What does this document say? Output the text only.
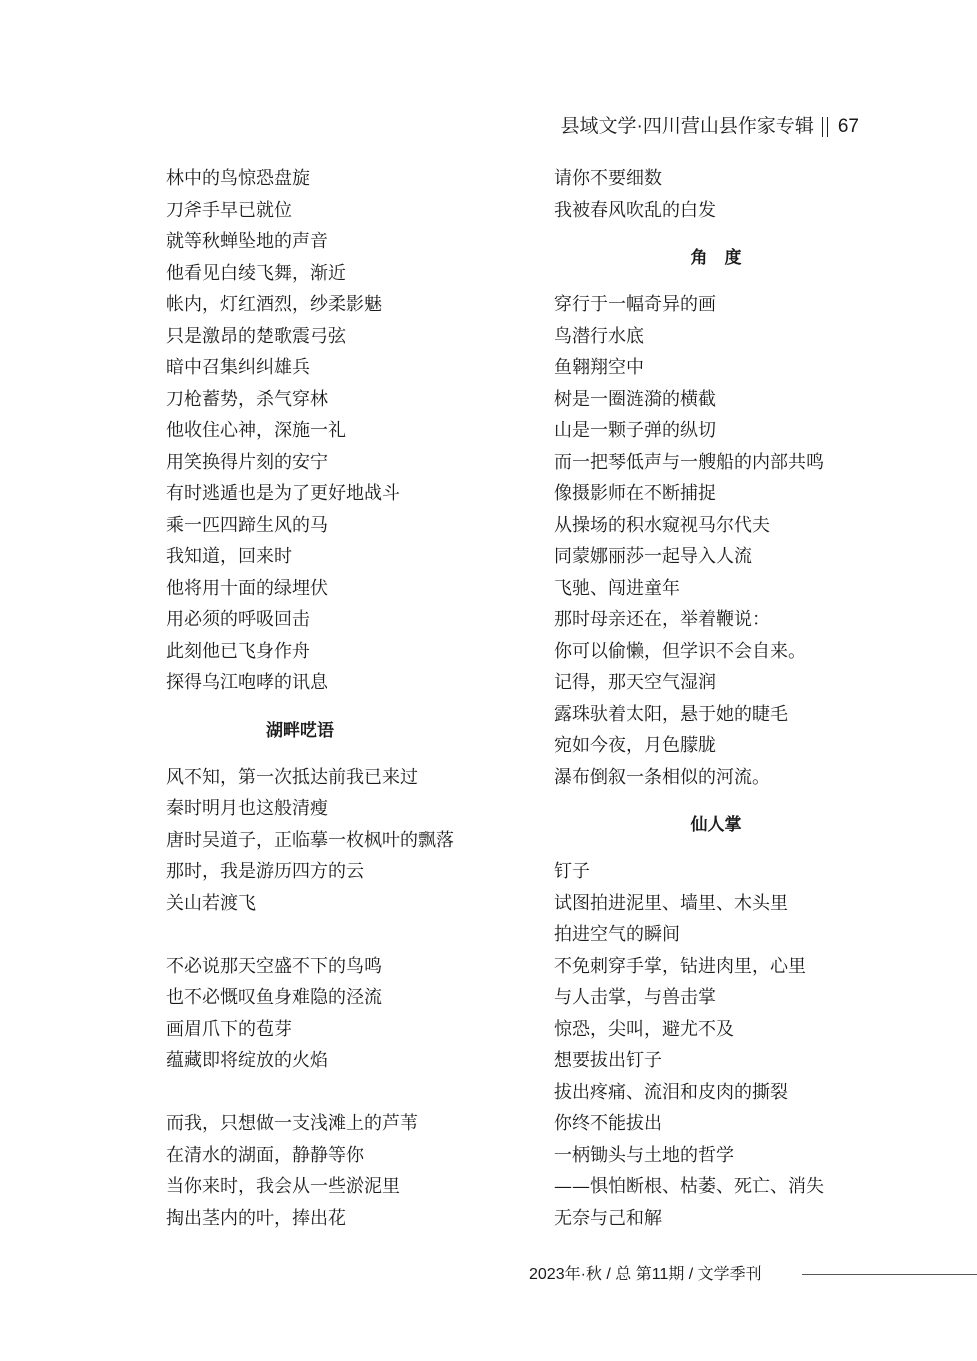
县域文学·四川营山县作家专辑 67
林中的鸟惊恐盘旋
刀斧手早已就位
就等秋蝉坠地的声音
他看见白绫飞舞，渐近
帐内，灯红酒烈，纱柔影魅
只是激昂的楚歌震弓弦
暗中召集纠纠雄兵
刀枪蓄势，杀气穿林
他收住心神，深施一礼
用笑换得片刻的安宁
有时逃遁也是为了更好地战斗
乘一匹四蹄生风的马
我知道，回来时
他将用十面的绿埋伏
用必须的呼吸回击
此刻他已飞身作舟
探得乌江咆哮的讯息
湖畔呓语
风不知，第一次抵达前我已来过
秦时明月也这般清瘦
唐时吴道子，正临摹一枚枫叶的飘落
那时，我是游历四方的云
关山若渡飞
不必说那天空盛不下的鸟鸣
也不必慨叹鱼身难隐的泾流
画眉爪下的苞芽
蕴藏即将绽放的火焰
而我，只想做一支浅滩上的芦苇
在清水的湖面，静静等你
当你来时，我会从一些淤泥里
掏出茎内的叶，捧出花
请你不要细数
我被春风吹乱的白发
角　度
穿行于一幅奇异的画
鸟潜行水底
鱼翱翔空中
树是一圈涟漪的横截
山是一颗子弹的纵切
而一把琴低声与一艘船的内部共鸣
像摄影师在不断捕捉
从操场的积水窥视马尔代夫
同蒙娜丽莎一起导入人流
飞驰、闯进童年
那时母亲还在，举着鞭说：
你可以偷懒，但学识不会自来。
记得，那天空气湿润
露珠驮着太阳，悬于她的睫毛
宛如今夜，月色朦胧
瀑布倒叙一条相似的河流。
仙人掌
钉子
试图拍进泥里、墙里、木头里
拍进空气的瞬间
不免刺穿手掌，钻进肉里，心里
与人击掌，与兽击掌
惊恐，尖叫，避尤不及
想要拔出钉子
拔出疼痛、流泪和皮肉的撕裂
你终不能拔出
一柄锄头与土地的哲学
——惧怕断根、枯萎、死亡、消失
无奈与己和解
2023年·秋 / 总 第11期 / 文学季刊
